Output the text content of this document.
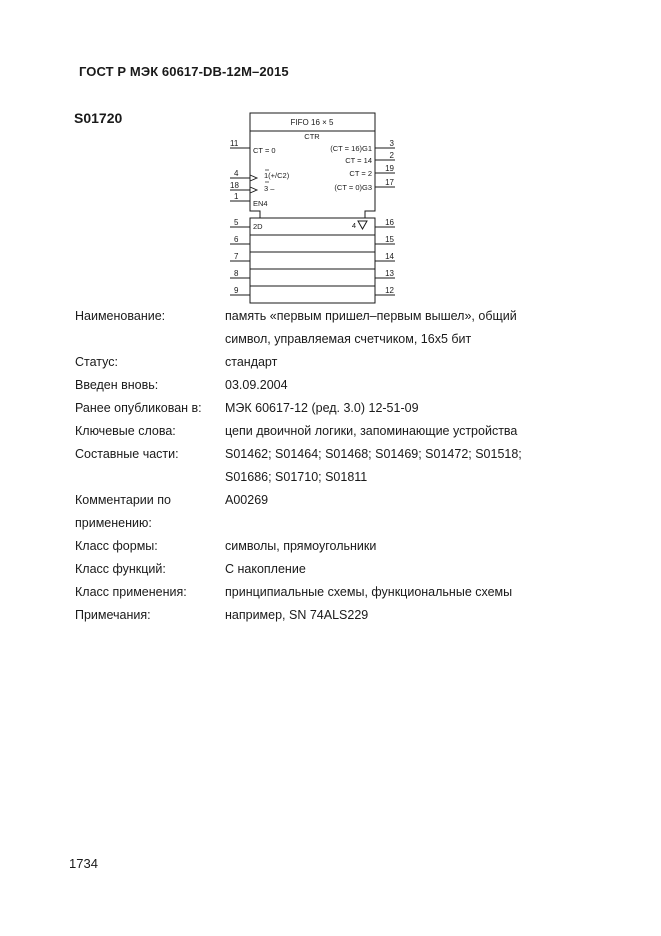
ГОСТ Р МЭК 60617-DB-12M–2015
S01720	FIFO 16 × 5
CTR
CT = 0	(CT = 16)G1
CT = 14
CT = 2
(CT = 0)G3
1(+/C2)
3 –
EN4
2D	4
11
4
18
1
5
6
7
8
9
3
2
19
17
16
15
14
13
12
Наименование:	память «первым пришел–первым вышел», общий
символ, управляемая счетчиком, 16x5 бит
Статус:	стандарт
Введен вновь:	03.09.2004
Ранее опубликован в:	МЭК 60617-12 (ред. 3.0) 12-51-09
Ключевые слова:	цепи двоичной логики, запоминающие устройства
Составные части:	S01462; S01464; S01468; S01469; S01472; S01518;
S01686; S01710; S01811
Комментарии по	A00269
применению:
Класс формы:	символы, прямоугольники
Класс функций:	С накопление
Класс применения:	принципиальные схемы, функциональные схемы
Примечания:	например, SN 74ALS229
1734
